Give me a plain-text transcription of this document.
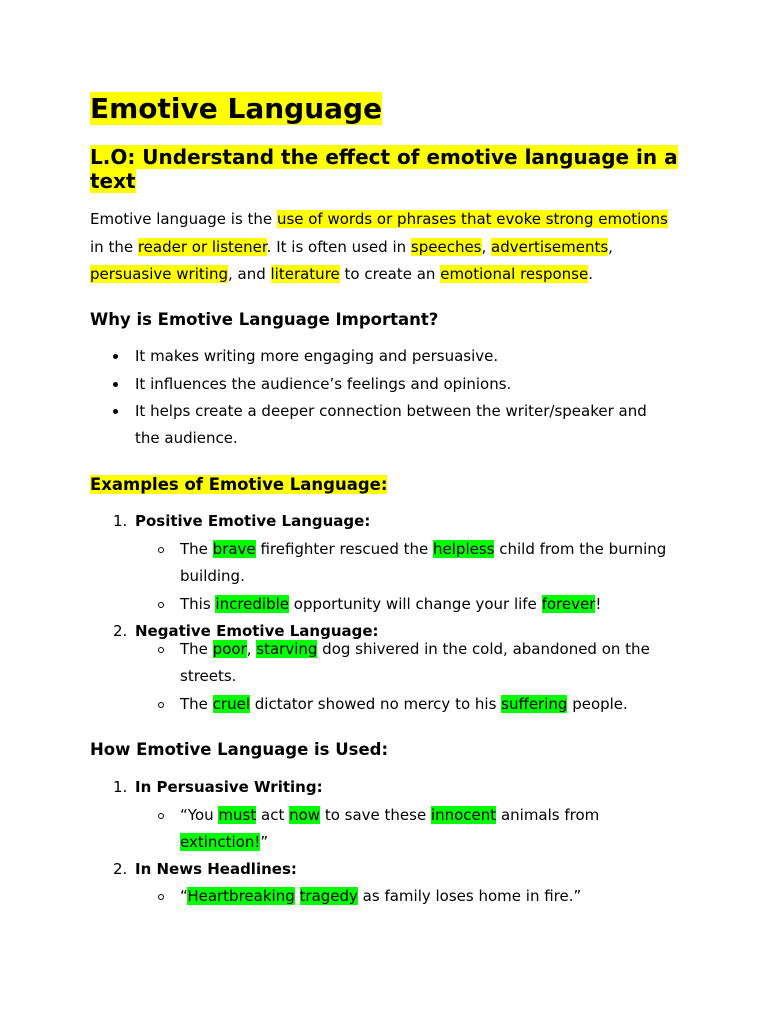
Emotive Language
L.O: Understand the effect of emotive language in a text
Emotive language is the use of words or phrases that evoke strong emotions
in the reader or listener. It is often used in speeches, advertisements,
persuasive writing, and literature to create an emotional response.
Why is Emotive Language Important?
It makes writing more engaging and persuasive.
It influences the audience’s feelings and opinions.
It helps create a deeper connection between the writer/speaker and
the audience.
Examples of Emotive Language:
1. Positive Emotive Language:
The brave firefighter rescued the helpless child from the burning
building.
This incredible opportunity will change your life forever!
2. Negative Emotive Language:
The poor, starving dog shivered in the cold, abandoned on the
streets.
The cruel dictator showed no mercy to his suffering people.
How Emotive Language is Used:
1. In Persuasive Writing:
“You must act now to save these innocent animals from
extinction!”
2. In News Headlines:
“Heartbreaking tragedy as family loses home in fire.”
